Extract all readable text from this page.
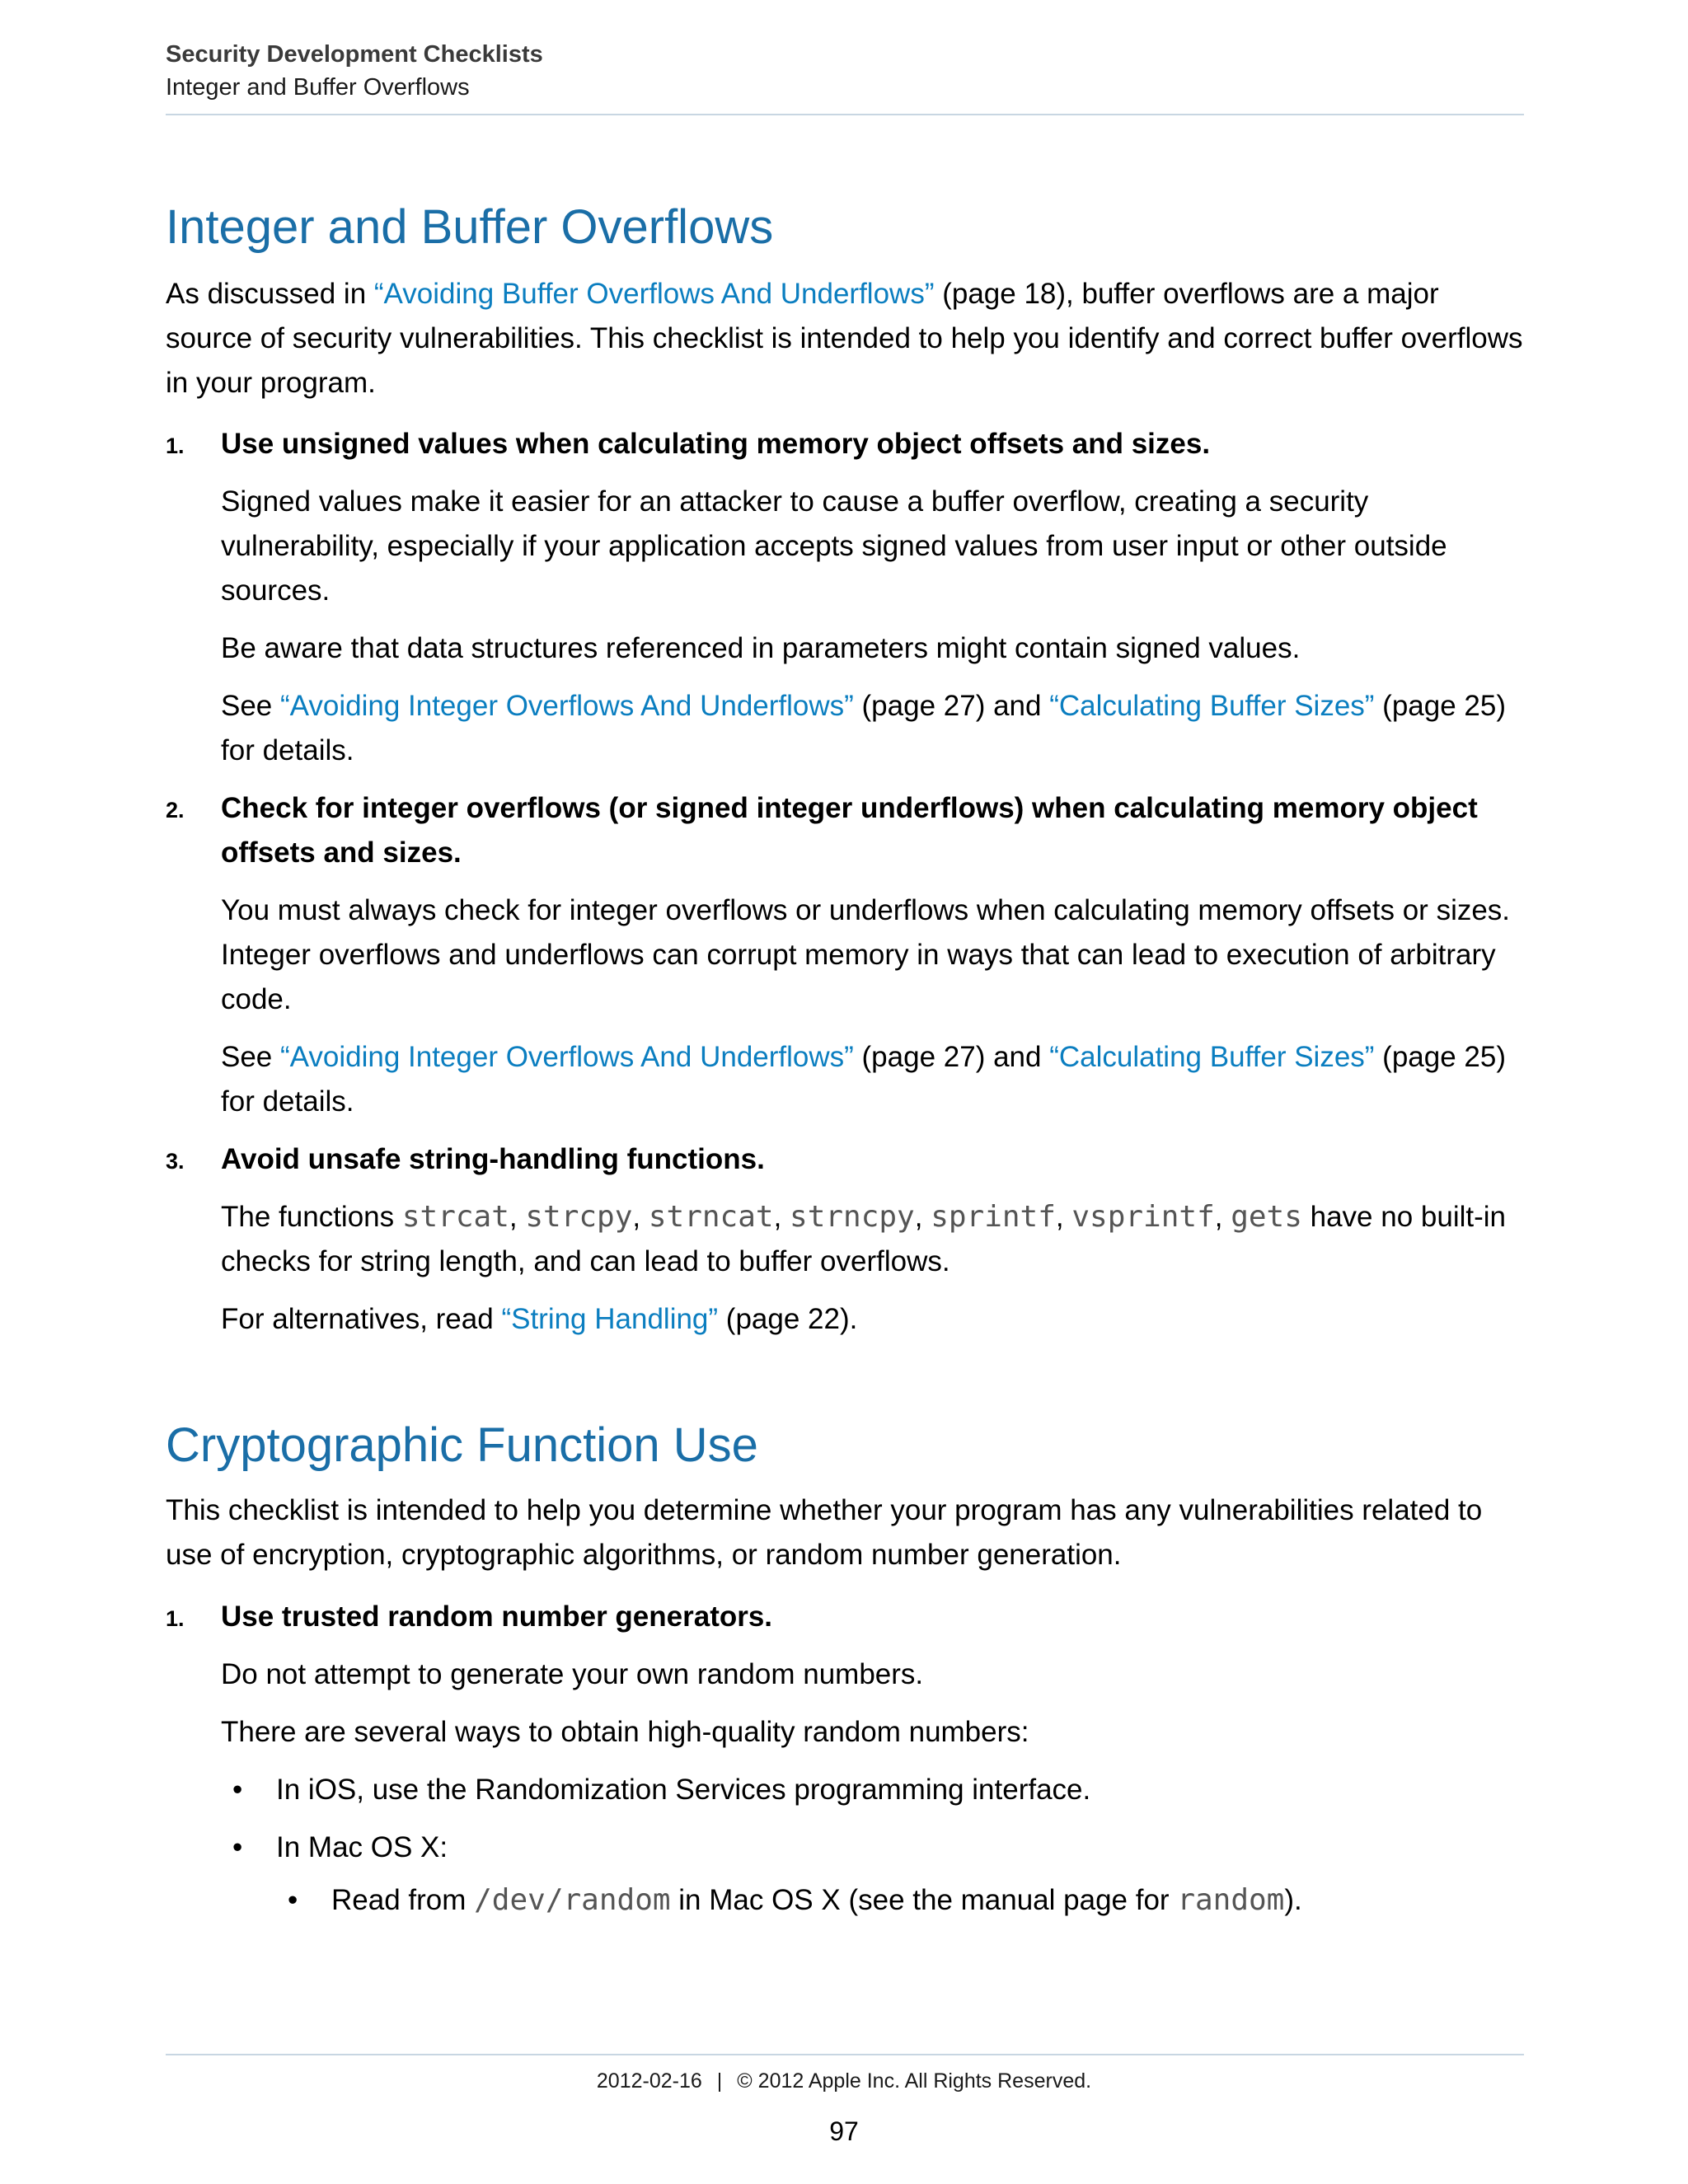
Security Development Checklists
Integer and Buffer Overflows
Integer and Buffer Overflows

As discussed in “Avoiding Buffer Overflows And Underflows” (page 18), buffer overflows are a major source of security vulnerabilities. This checklist is intended to help you identify and correct buffer overflows in your program.

1. Use unsigned values when calculating memory object offsets and sizes.

Signed values make it easier for an attacker to cause a buffer overflow, creating a security vulnerability, especially if your application accepts signed values from user input or other outside sources.

Be aware that data structures referenced in parameters might contain signed values.

See “Avoiding Integer Overflows And Underflows” (page 27) and “Calculating Buffer Sizes” (page 25) for details.

2. Check for integer overflows (or signed integer underflows) when calculating memory object offsets and sizes.

You must always check for integer overflows or underflows when calculating memory offsets or sizes. Integer overflows and underflows can corrupt memory in ways that can lead to execution of arbitrary code.

See “Avoiding Integer Overflows And Underflows” (page 27) and “Calculating Buffer Sizes” (page 25) for details.

3. Avoid unsafe string-handling functions.

The functions strcat, strcpy, strncat, strncpy, sprintf, vsprintf, gets have no built-in checks for string length, and can lead to buffer overflows.

For alternatives, read “String Handling” (page 22).

Cryptographic Function Use

This checklist is intended to help you determine whether your program has any vulnerabilities related to use of encryption, cryptographic algorithms, or random number generation.

1. Use trusted random number generators.

Do not attempt to generate your own random numbers.

There are several ways to obtain high-quality random numbers:

• In iOS, use the Randomization Services programming interface.
• In Mac OS X:
• Read from /dev/random in Mac OS X (see the manual page for random).
2012-02-16 | © 2012 Apple Inc. All Rights Reserved.
97
